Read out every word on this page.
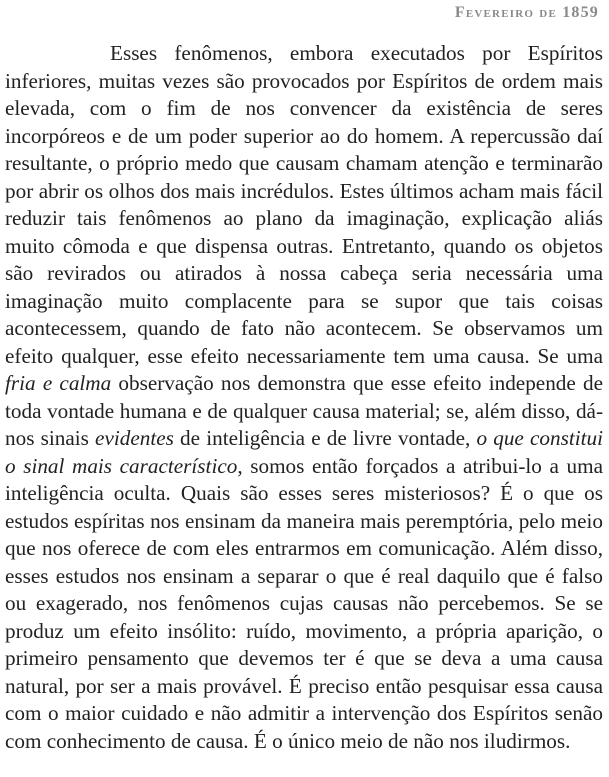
Fevereiro de 1859

Esses fenômenos, embora executados por Espíritos inferiores, muitas vezes são provocados por Espíritos de ordem mais elevada, com o fim de nos convencer da existência de seres incorpóreos e de um poder superior ao do homem. A repercussão daí resultante, o próprio medo que causam chamam atenção e terminarão por abrir os olhos dos mais incrédulos. Estes últimos acham mais fácil reduzir tais fenômenos ao plano da imaginação, explicação aliás muito cômoda e que dispensa outras. Entretanto, quando os objetos são revirados ou atirados à nossa cabeça seria necessária uma imaginação muito complacente para se supor que tais coisas acontecessem, quando de fato não acontecem. Se observamos um efeito qualquer, esse efeito necessariamente tem uma causa. Se uma fria e calma observação nos demonstra que esse efeito independe de toda vontade humana e de qualquer causa material; se, além disso, dá-nos sinais evidentes de inteligência e de livre vontade, o que constitui o sinal mais característico, somos então forçados a atribui-lo a uma inteligência oculta. Quais são esses seres misteriosos? É o que os estudos espíritas nos ensinam da maneira mais peremptória, pelo meio que nos oferece de com eles entrarmos em comunicação. Além disso, esses estudos nos ensinam a separar o que é real daquilo que é falso ou exagerado, nos fenômenos cujas causas não percebemos. Se se produz um efeito insólito: ruído, movimento, a própria aparição, o primeiro pensamento que devemos ter é que se deva a uma causa natural, por ser a mais provável. É preciso então pesquisar essa causa com o maior cuidado e não admitir a intervenção dos Espíritos senão com conhecimento de causa. É o único meio de não nos iludirmos.
